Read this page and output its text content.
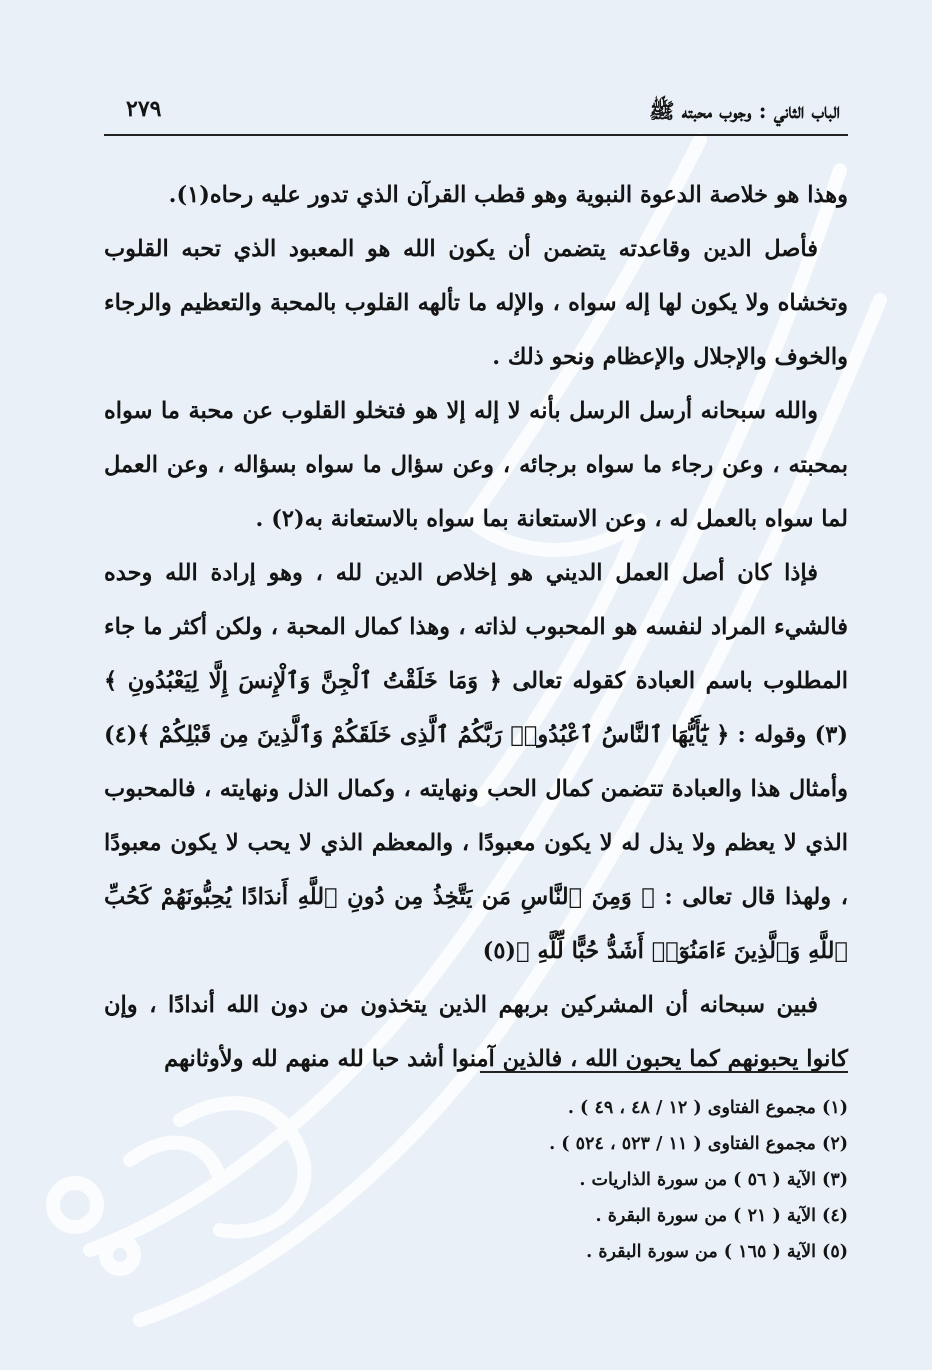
الباب الثاني : وجوب محبته ﷺ
٢٧٩

وهذا هو خلاصة الدعوة النبوية وهو قطب القرآن الذي تدور عليه رحاه(١).

فأصل الدين وقاعدته يتضمن أن يكون الله هو المعبود الذي تحبه القلوب وتخشاه ولا يكون لها إله سواه ، والإله ما تألهه القلوب بالمحبة والتعظيم والرجاء والخوف والإجلال والإعظام ونحو ذلك .

والله سبحانه أرسل الرسل بأنه لا إله إلا هو فتخلو القلوب عن محبة ما سواه بمحبته ، وعن رجاء ما سواه برجائه ، وعن سؤال ما سواه بسؤاله ، وعن العمل لما سواه بالعمل له ، وعن الاستعانة بما سواه بالاستعانة به(٢) .

فإذا كان أصل العمل الديني هو إخلاص الدين لله ، وهو إرادة الله وحده فالشيء المراد لنفسه هو المحبوب لذاته ، وهذا كمال المحبة ، ولكن أكثر ما جاء المطلوب باسم العبادة كقوله تعالى ﴿ وَمَا خَلَقْتُ ٱلْجِنَّ وَٱلْإِنسَ إِلَّا لِيَعْبُدُونِ ﴾(٣) وقوله : ﴿ يَٰٓأَيُّهَا ٱلنَّاسُ ٱعْبُدُوا۟ رَبَّكُمُ ٱلَّذِى خَلَقَكُمْ وَٱلَّذِينَ مِن قَبْلِكُمْ ﴾(٤) وأمثال هذا والعبادة تتضمن كمال الحب ونهايته ، وكمال الذل ونهايته ، فالمحبوب الذي لا يعظم ولا يذل له لا يكون معبودًا ، والمعظم الذي لا يحب لا يكون معبودًا ، ولهذا قال تعالى : ﴿ وَمِنَ ٱلنَّاسِ مَن يَتَّخِذُ مِن دُونِ ٱللَّهِ أَندَادًا يُحِبُّونَهُمْ كَحُبِّ ٱللَّهِ وَٱلَّذِينَ ءَامَنُوٓا۟ أَشَدُّ حُبًّا لِّلَّهِ ﴾(٥)

فبين سبحانه أن المشركين بربهم الذين يتخذون من دون الله أندادًا ، وإن كانوا يحبونهم كما يحبون الله ، فالذين آمنوا أشد حبا لله منهم لله ولأوثانهم

(١) مجموع الفتاوى ( ١٢ / ٤٨ ، ٤٩ ) .
(٢) مجموع الفتاوى ( ١١ / ٥٢٣ ، ٥٢٤ ) .
(٣) الآية ( ٥٦ ) من سورة الذاريات .
(٤) الآية ( ٢١ ) من سورة البقرة .
(٥) الآية ( ١٦٥ ) من سورة البقرة .
